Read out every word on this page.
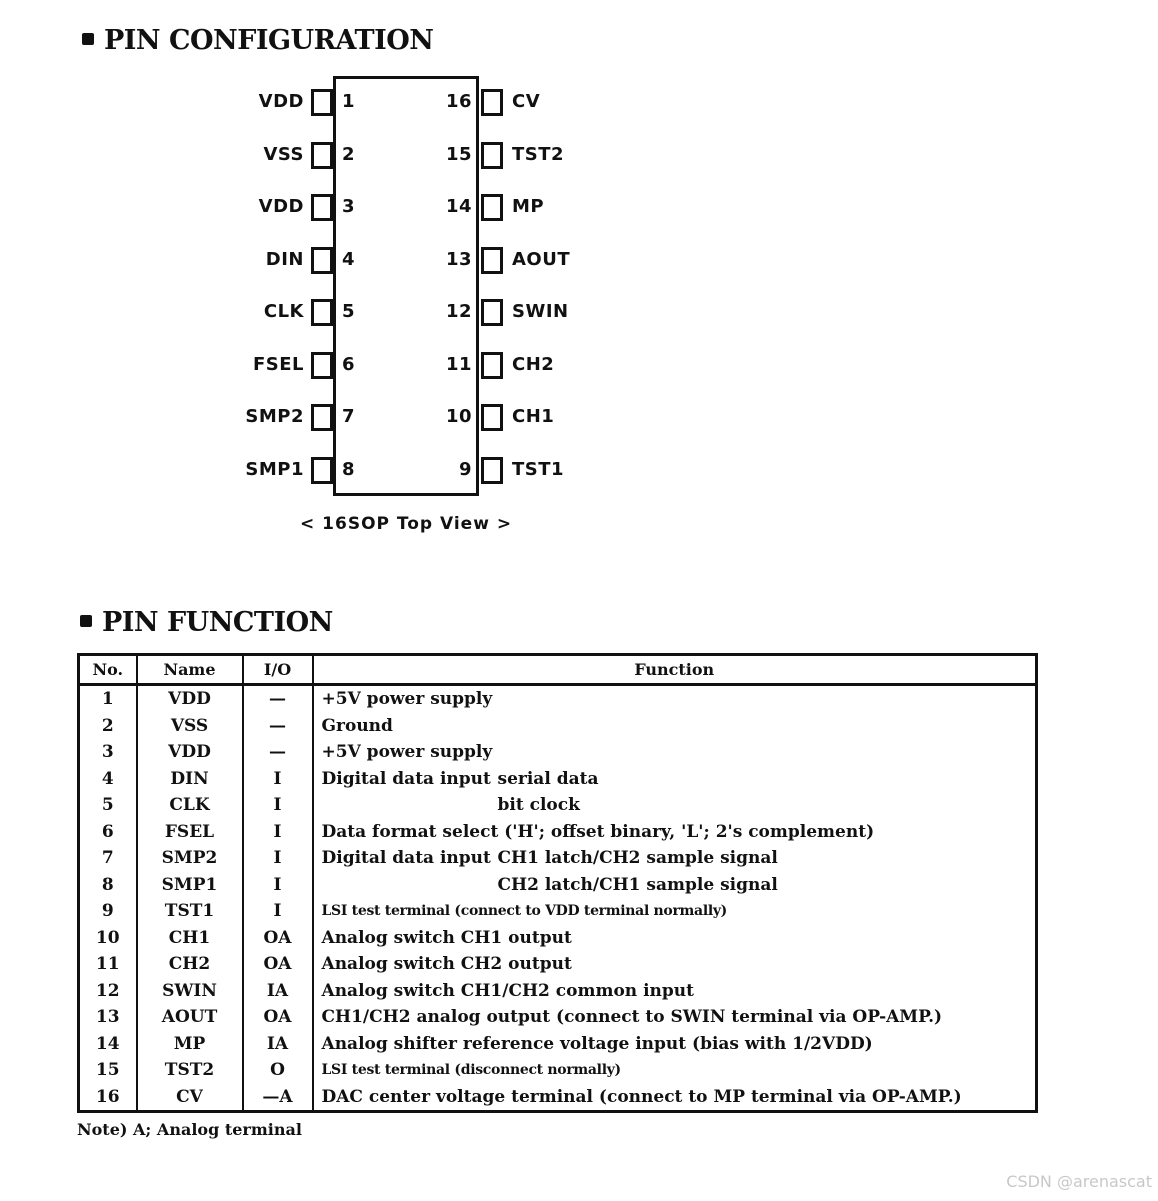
PIN CONFIGURATION
VDD 1
VSS 2
VDD 3
DIN 4
CLK 5
FSEL 6
SMP2 7
SMP1 8
16 CV
15 TST2
14 MP
13 AOUT
12 SWIN
11 CH2
10 CH1
9 TST1
< 16SOP Top View >
PIN FUNCTION
No.	Name	I/O	Function
1	VDD	—	+5V power supply
2	VSS	—	Ground
3	VDD	—	+5V power supply
4	DIN	I	Digital data input serial data
5	CLK	I	bit clock
6	FSEL	I	Data format select ('H'; offset binary, 'L'; 2's complement)
7	SMP2	I	Digital data input CH1 latch/CH2 sample signal
8	SMP1	I	CH2 latch/CH1 sample signal
9	TST1	I	LSI test terminal (connect to VDD terminal normally)
10	CH1	OA	Analog switch CH1 output
11	CH2	OA	Analog switch CH2 output
12	SWIN	IA	Analog switch CH1/CH2 common input
13	AOUT	OA	CH1/CH2 analog output (connect to SWIN terminal via OP-AMP.)
14	MP	IA	Analog shifter reference voltage input (bias with 1/2VDD)
15	TST2	O	LSI test terminal (disconnect normally)
16	CV	—A	DAC center voltage terminal (connect to MP terminal via OP-AMP.)
Note) A; Analog terminal
CSDN @arenascat
